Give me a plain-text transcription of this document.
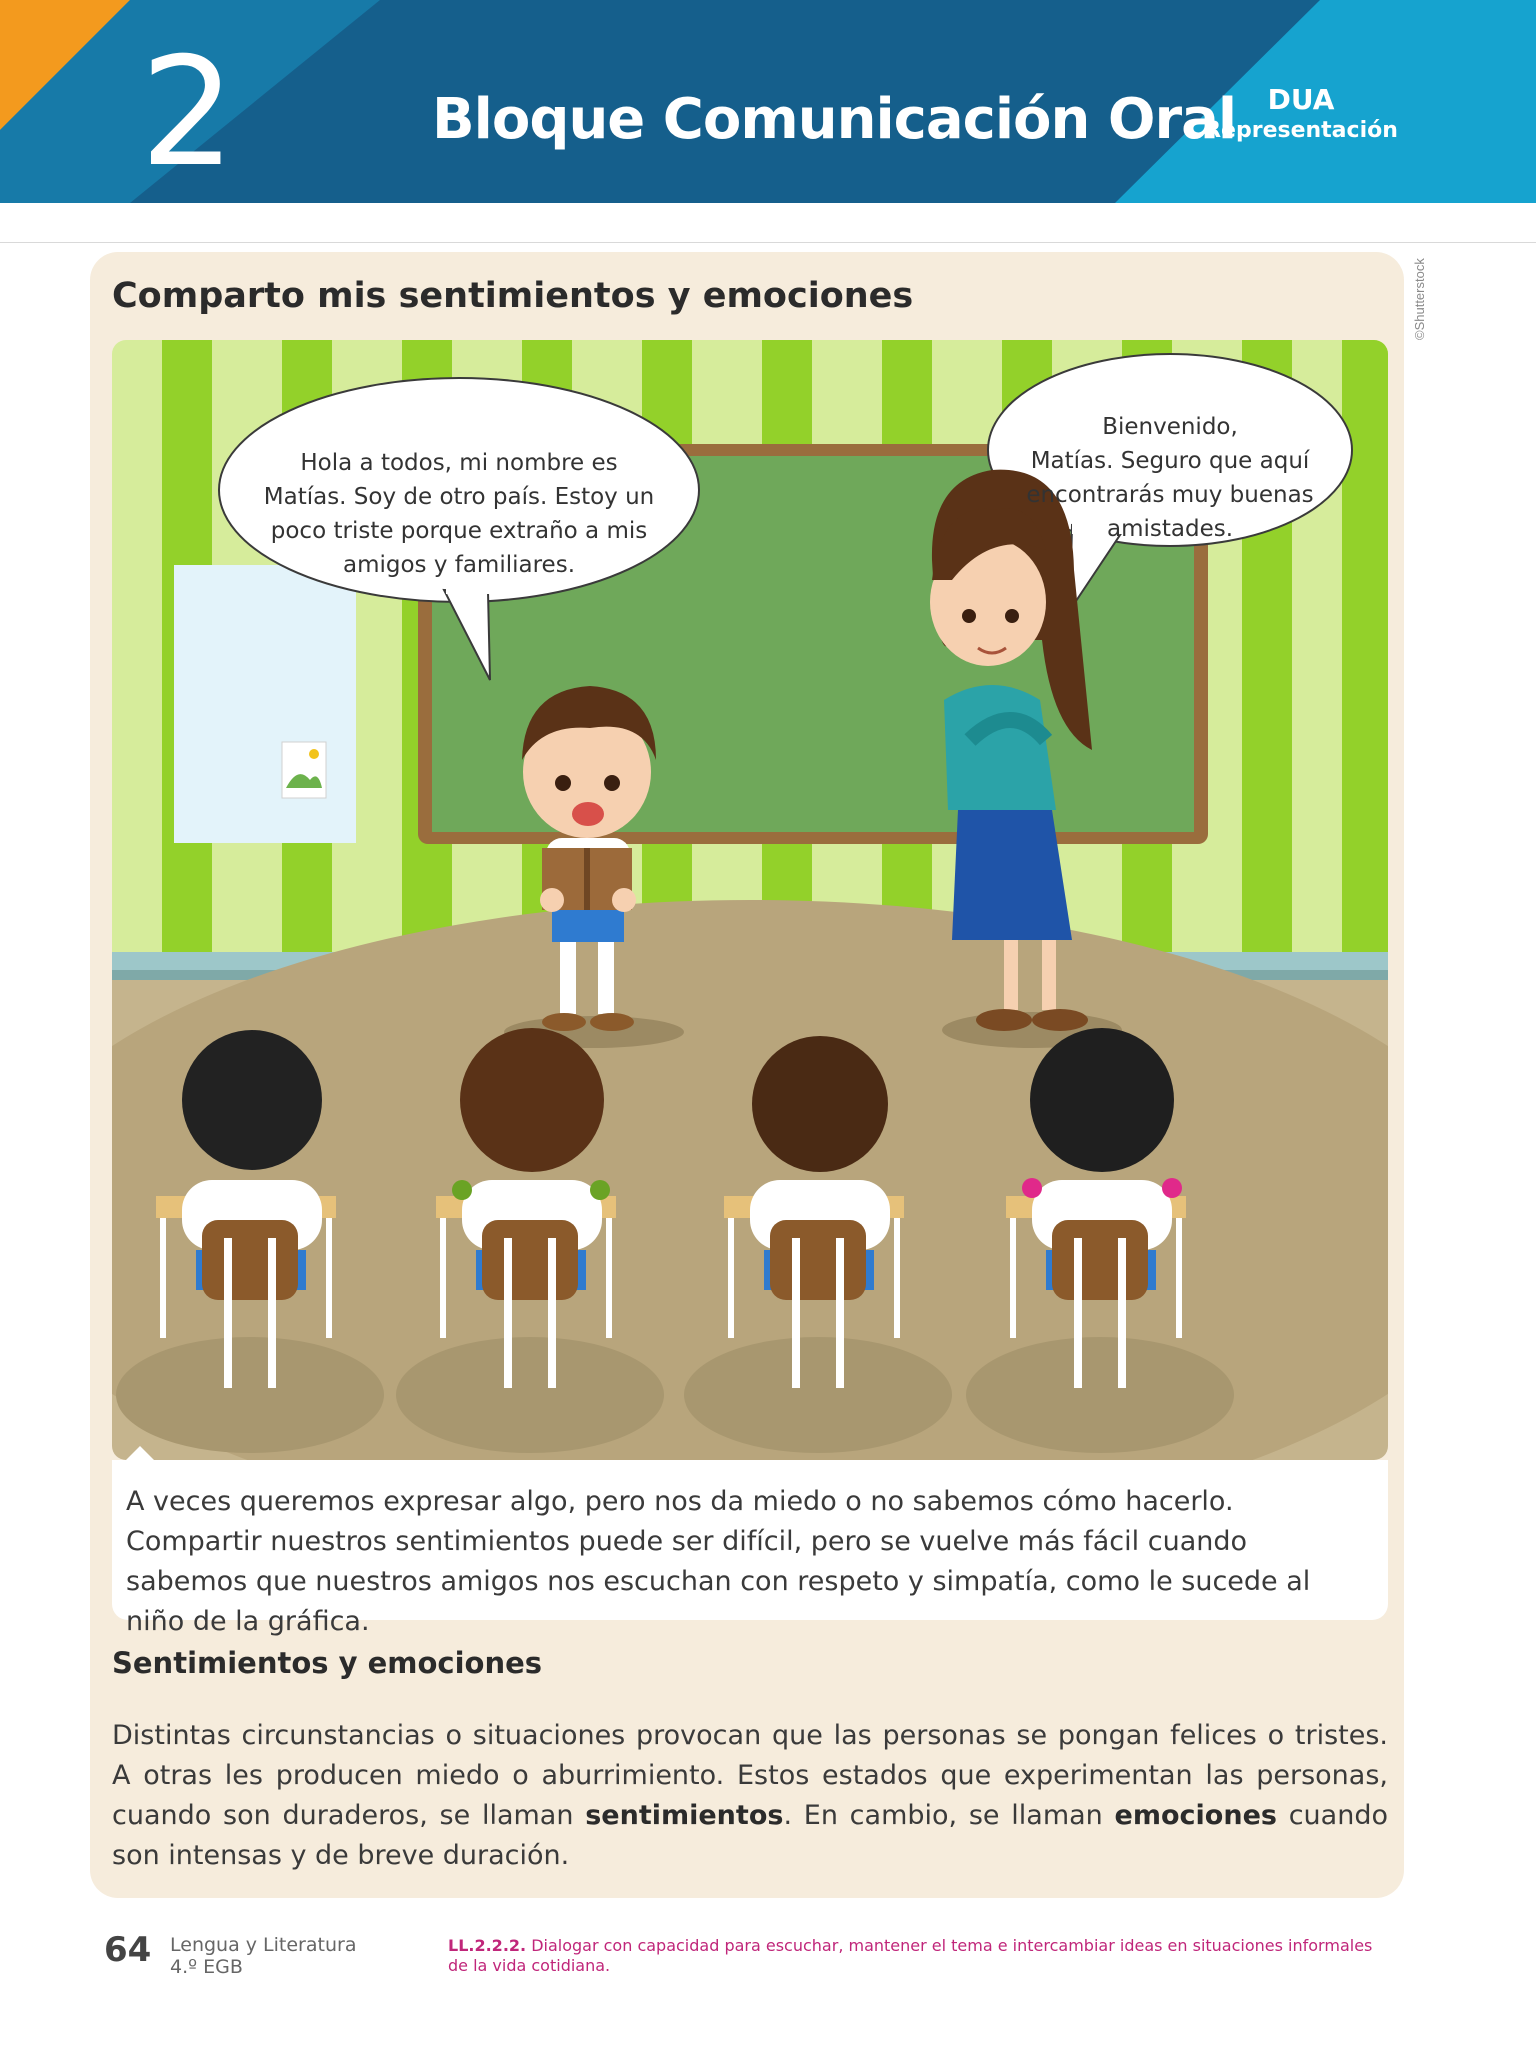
2	Bloque Comunicación Oral	DUA
Representación
Comparto mis sentimientos y emociones	©Shutterstock
Hola a todos, mi nombre es
Matías. Soy de otro país. Estoy un
poco triste porque extraño a mis
amigos y familiares.
Bienvenido,
Matías. Seguro que aquí
encontrarás muy buenas
amistades.
A veces queremos expresar algo, pero nos da miedo o no sabemos cómo hacerlo. Compartir nuestros sentimientos puede ser difícil, pero se vuelve más fácil cuando sabemos que nuestros amigos nos escuchan con respeto y simpatía, como le sucede al niño de la gráfica.
Sentimientos y emociones
Distintas circunstancias o situaciones provocan que las personas se pongan felices o tristes. A otras les producen miedo o aburrimiento. Estos estados que experimentan las personas, cuando son duraderos, se llaman sentimientos. En cambio, se llaman emociones cuando son intensas y de breve duración.
64 Lengua y Literatura
4.º EGB
LL.2.2.2. Dialogar con capacidad para escuchar, mantener el tema e intercambiar ideas en situaciones informales de la vida cotidiana.
